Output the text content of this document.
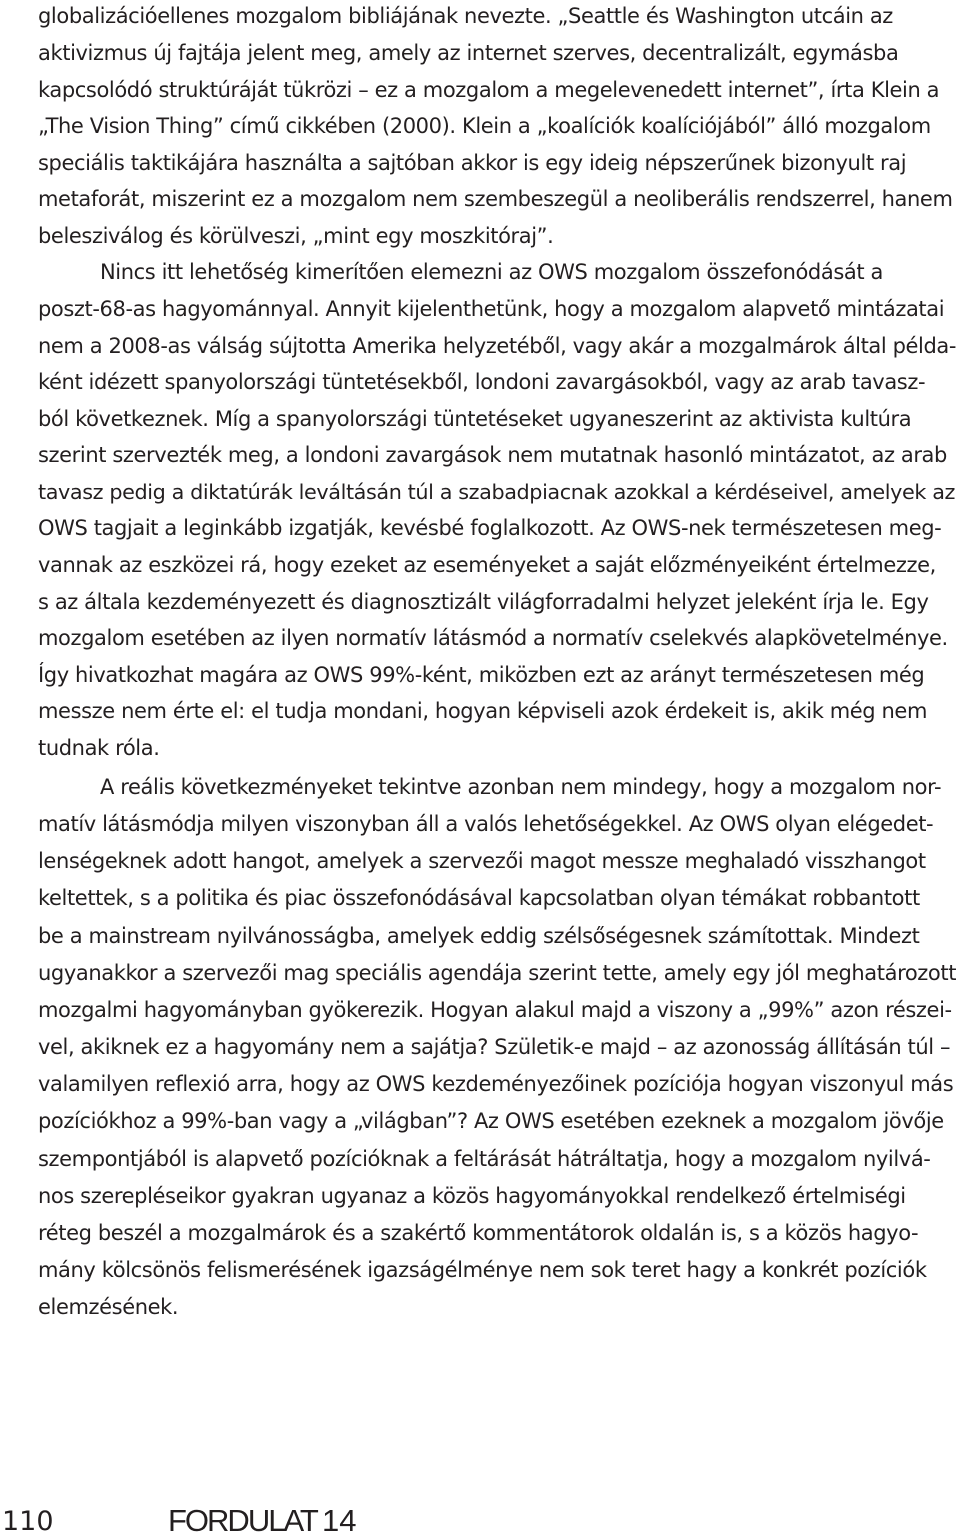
globalizációellenes mozgalom bibliájának nevezte. „Seattle és Washington utcáin az
aktivizmus új fajtája jelent meg, amely az internet szerves, decentralizált, egymásba
kapcsolódó struktúráját tükrözi – ez a mozgalom a megelevenedett internet”, írta Klein a
„The Vision Thing” című cikkében (2000). Klein a „koalíciók koalíciójából” álló mozgalom
speciális taktikájára használta a sajtóban akkor is egy ideig népszerűnek bizonyult raj
metaforát, miszerint ez a mozgalom nem szembeszegül a neoliberális rendszerrel, hanem
belesziválog és körülveszi, „mint egy moszkitóraj”.
Nincs itt lehetőség kimerítően elemezni az OWS mozgalom összefonódását a
poszt-68-as hagyománnyal. Annyit kijelenthetünk, hogy a mozgalom alapvető mintázatai
nem a 2008-as válság sújtotta Amerika helyzetéből, vagy akár a mozgalmárok által példa-
ként idézett spanyolországi tüntetésekből, londoni zavargásokból, vagy az arab tavasz-
ból következnek. Míg a spanyolországi tüntetéseket ugyaneszerint az aktivista kultúra
szerint szervezték meg, a londoni zavargások nem mutatnak hasonló mintázatot, az arab
tavasz pedig a diktatúrák leváltásán túl a szabadpiacnak azokkal a kérdéseivel, amelyek az
OWS tagjait a leginkább izgatják, kevésbé foglalkozott. Az OWS-nek természetesen meg-
vannak az eszközei rá, hogy ezeket az eseményeket a saját előzményeiként értelmezze,
s az általa kezdeményezett és diagnosztizált világforradalmi helyzet jeleként írja le. Egy
mozgalom esetében az ilyen normatív látásmód a normatív cselekvés alapkövetelménye.
Így hivatkozhat magára az OWS 99%-ként, miközben ezt az arányt természetesen még
messze nem érte el: el tudja mondani, hogyan képviseli azok érdekeit is, akik még nem
tudnak róla.
A reális következményeket tekintve azonban nem mindegy, hogy a mozgalom nor-
matív látásmódja milyen viszonyban áll a valós lehetőségekkel. Az OWS olyan elégedet-
lenségeknek adott hangot, amelyek a szervezői magot messze meghaladó visszhangot
keltettek, s a politika és piac összefonódásával kapcsolatban olyan témákat robbantott
be a mainstream nyilvánosságba, amelyek eddig szélsőségesnek számítottak. Mindezt
ugyanakkor a szervezői mag speciális agendája szerint tette, amely egy jól meghatározott
mozgalmi hagyományban gyökerezik. Hogyan alakul majd a viszony a „99%” azon részei-
vel, akiknek ez a hagyomány nem a sajátja? Születik-e majd – az azonosság állításán túl –
valamilyen reflexió arra, hogy az OWS kezdeményezőinek pozíciója hogyan viszonyul más
pozíciókhoz a 99%-ban vagy a „világban”? Az OWS esetében ezeknek a mozgalom jövője
szempontjából is alapvető pozícióknak a feltárását hátráltatja, hogy a mozgalom nyilvá-
nos szerepléseikor gyakran ugyanaz a közös hagyományokkal rendelkező értelmiségi
réteg beszél a mozgalmárok és a szakértő kommentátorok oldalán is, s a közös hagyo-
mány kölcsönös felismerésének igazságélménye nem sok teret hagy a konkrét pozíciók
elemzésének.
110	FORDULAT 14
